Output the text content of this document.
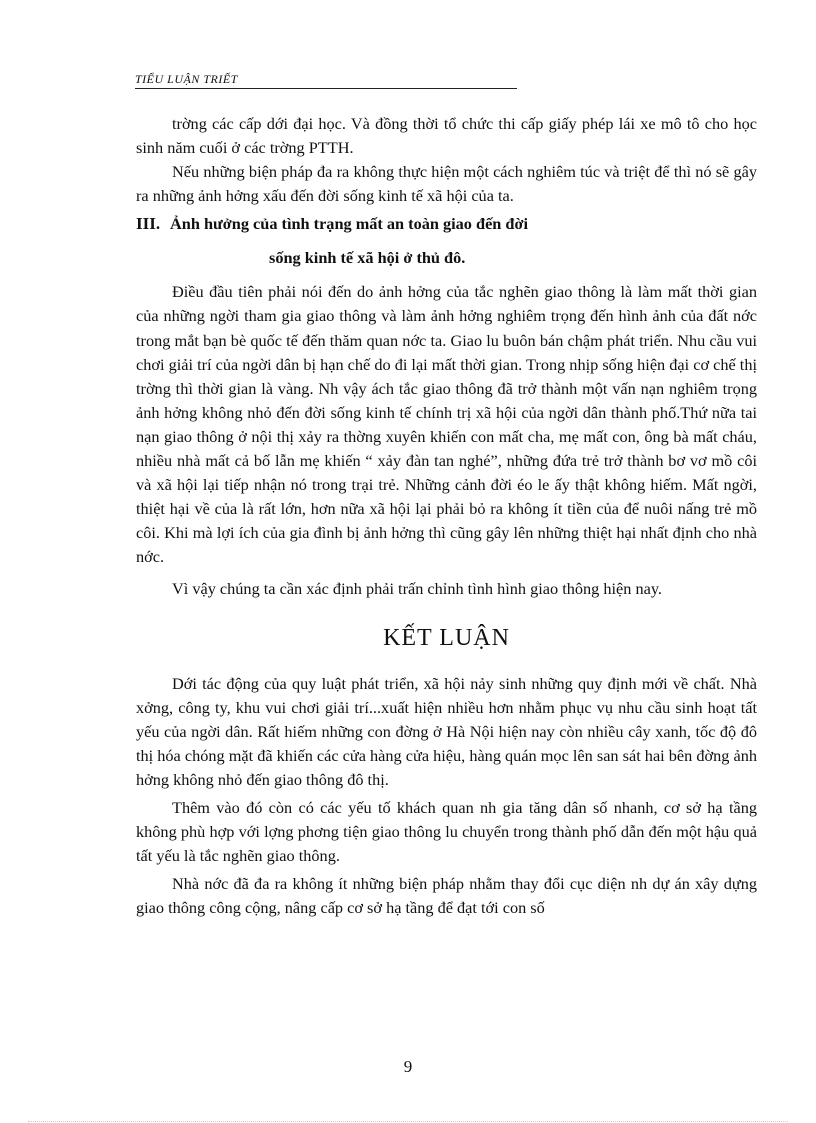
TIỂU LUẬN TRIẾT

trờng các cấp dới đại học. Và đồng thời tổ chức thi cấp giấy phép lái xe mô tô cho học sinh năm cuối ở các trờng PTTH.

Nếu những biện pháp đa ra không thực hiện một cách nghiêm túc và triệt để thì nó sẽ gây ra những ảnh hởng xấu đến đời sống kinh tế xã hội của ta.

III. Ảnh hưởng của tình trạng mất an toàn giao đến đời
sống kinh tế xã hội ở thủ đô.

Điều đầu tiên phải nói đến do ảnh hởng của tắc nghẽn giao thông là làm mất thời gian của những ngời tham gia giao thông và làm ảnh hởng nghiêm trọng đến hình ảnh của đất nớc trong mắt bạn bè quốc tế đến thăm quan nớc ta. Giao lu buôn bán chậm phát triển. Nhu cầu vui chơi giải trí của ngời dân bị hạn chế do đi lại mất thời gian. Trong nhịp sống hiện đại cơ chế thị trờng thì thời gian là vàng. Nh vậy ách tắc giao thông đã trở thành một vấn nạn nghiêm trọng ảnh hởng không nhỏ đến đời sống kinh tế chính trị xã hội của ngời dân thành phố.Thứ nữa tai nạn giao thông ở nội thị xảy ra thờng xuyên khiến con mất cha, mẹ mất con, ông bà mất cháu, nhiều nhà mất cả bố lẫn mẹ khiến “ xảy đàn tan nghé”, những đứa trẻ trở thành bơ vơ mồ côi và xã hội lại tiếp nhận nó trong trại trẻ. Những cảnh đời éo le ấy thật không hiếm. Mất ngời, thiệt hại về của là rất lớn, hơn nữa xã hội lại phải bỏ ra không ít tiền của để nuôi nấng trẻ mồ côi. Khi mà lợi ích của gia đình bị ảnh hởng thì cũng gây lên những thiệt hại nhất định cho nhà nớc.

Vì vậy chúng ta cần xác định phải trấn chỉnh tình hình giao thông hiện nay.

KẾT LUẬN

Dới tác động của quy luật phát triển, xã hội nảy sinh những quy định mới về chất. Nhà xởng, công ty, khu vui chơi giải trí...xuất hiện nhiều hơn nhằm phục vụ nhu cầu sinh hoạt tất yếu của ngời dân. Rất hiếm những con đờng ở Hà Nội hiện nay còn nhiều cây xanh, tốc độ đô thị hóa chóng mặt đã khiến các cửa hàng cửa hiệu, hàng quán mọc lên san sát hai bên đờng ảnh hởng không nhỏ đến giao thông đô thị.

Thêm vào đó còn có các yếu tố khách quan nh gia tăng dân số nhanh, cơ sở hạ tầng không phù hợp với lợng phơng tiện giao thông lu chuyển trong thành phố dẫn đến một hậu quả tất yếu là tắc nghẽn giao thông.

Nhà nớc đã đa ra không ít những biện pháp nhằm thay đổi cục diện nh dự án xây dựng giao thông công cộng, nâng cấp cơ sở hạ tầng để đạt tới con số

9
